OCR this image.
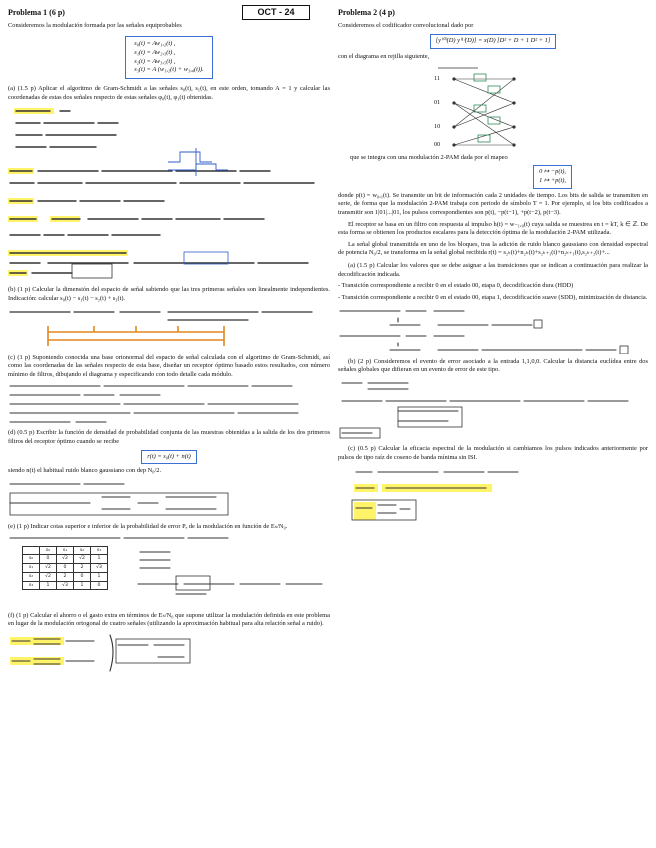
OCT - 24
Problema 1 (6 p)
Consideremos la modulación formada por las señales equiprobables
s₀(t) = Aw₁,₂(t) ,
s₁(t) = Aw₂,₃(t) ,
s₂(t) = Aw₃,₅(t) ,
s₃(t) = A (w₁,₂(t) + w₃,₄(t)).
(a) (1.5 p) Aplicar el algoritmo de Gram-Schmidt a las señales s₀(t), s₁(t), en este orden, tomando A = 1 y calcular las coordenadas de estas dos señales respecto de estas señales φ₀(t), φ₁(t) obtenidas.
(b) (1 p) Calcular la dimensión del espacio de señal sabiendo que las tres primeras señales son linealmente independientes. Indicación: calcular s₀(t) − s₁(t) − s₂(t) + s₃(t).
(c) (1 p) Suponiendo conocida una base ortonormal del espacio de señal calculada con el algoritmo de Gram-Schmidt, así como las coordenadas de las señales respecto de esta base, diseñar un receptor óptimo basado estos resultados, con número mínimo de filtros, dibujando el diagrama y especificando con todo detalle cada módulo.
(d) (0.5 p) Escribir la función de densidad de probabilidad conjunta de las muestras obtenidas a la salida de los dos primeros filtros del receptor óptimo cuando se recibe
r(t) = s₀(t) + n(t)
siendo n(t) el habitual ruido blanco gaussiano con dep N₀/2.
(e) (1 p) Indicar cotas superior e inferior de la probabilidad de error Pₑ de la modulación en función de Eₛ/N₀.
	s₀	s₁	s₂	s₃
s₀	0	√2	√2	1
s₁	√2	0	2	√3
s₂	√2	2	0	1
s₃	1	√3	1	0
(f) (1 p) Calcular el ahorro o el gasto extra en términos de Eₛ/N₀ que supone utilizar la modulación definida en este problema en lugar de la modulación ortogonal de cuatro señales (utilizando la aproximación habitual para alta relación señal a ruido).
Problema 2 (4 p)
Consideremos el codificador convolucional dado por
[y⁽⁰⁾(D) y⁽¹⁾(D)] = x(D) [D² + D + 1 D² + 1]
con el diagrama en rejilla siguiente,
11
01
10
00
que se integra con una modulación 2-PAM dada por el mapeo
0 ↦ −p(t),
1 ↦ +p(t),
donde p(t) = w₀,₁(t). Se transmite un bit de información cada 2 unidades de tiempo. Los bits de salida se transmiten en serie, de forma que la modulación 2-PAM trabaja con periodo de símbolo T = 1. Por ejemplo, si los bits codificados a transmitir son 1|01|...|01, los pulsos correspondientes son p(t), −p(t−1), +p(t−2), p(t−3).
El receptor se basa en un filtro con respuesta al impulso h(t) = w₋₁,₀(t) cuya salida se muestrea en t = kT, k ∈ ℤ. De esta forma se obtienen los productos escalares para la detección óptima de la modulación 2-PAM utilizada.
La señal global transmitida en uno de los bloques, tras la adición de ruido blanco gaussiano con densidad espectral de potencia N₀/2, se transforma en la señal global recibida r(t) = s₂ₖ(t)+n₂ₖ(t)+s₂ₖ₊₁(t)+n₂ₖ₊₁(t),s₂ₖ₊₂(t)+...
(a) (1.5 p) Calcular los valores que se debe asignar a las transiciones que se indican a continuación para realizar la decodificación indicada.
- Transición correspondiente a recibir 0 en el estado 00, etapa 0, decodificación dura (HDD)
- Transición correspondiente a recibir 0 en el estado 00, etapa 1, decodificación suave (SDD), minimización de distancia.
(b) (2 p) Consideremos el evento de error asociado a la entrada 1,1,0,0. Calcular la distancia euclídea entre dos señales globales que difieran en un evento de error de este tipo.
(c) (0.5 p) Calcular la eficacia espectral de la modulación si cambiamos los pulsos indicados anteriormente por pulsos de tipo raíz de coseno de banda mínima sin ISI.
